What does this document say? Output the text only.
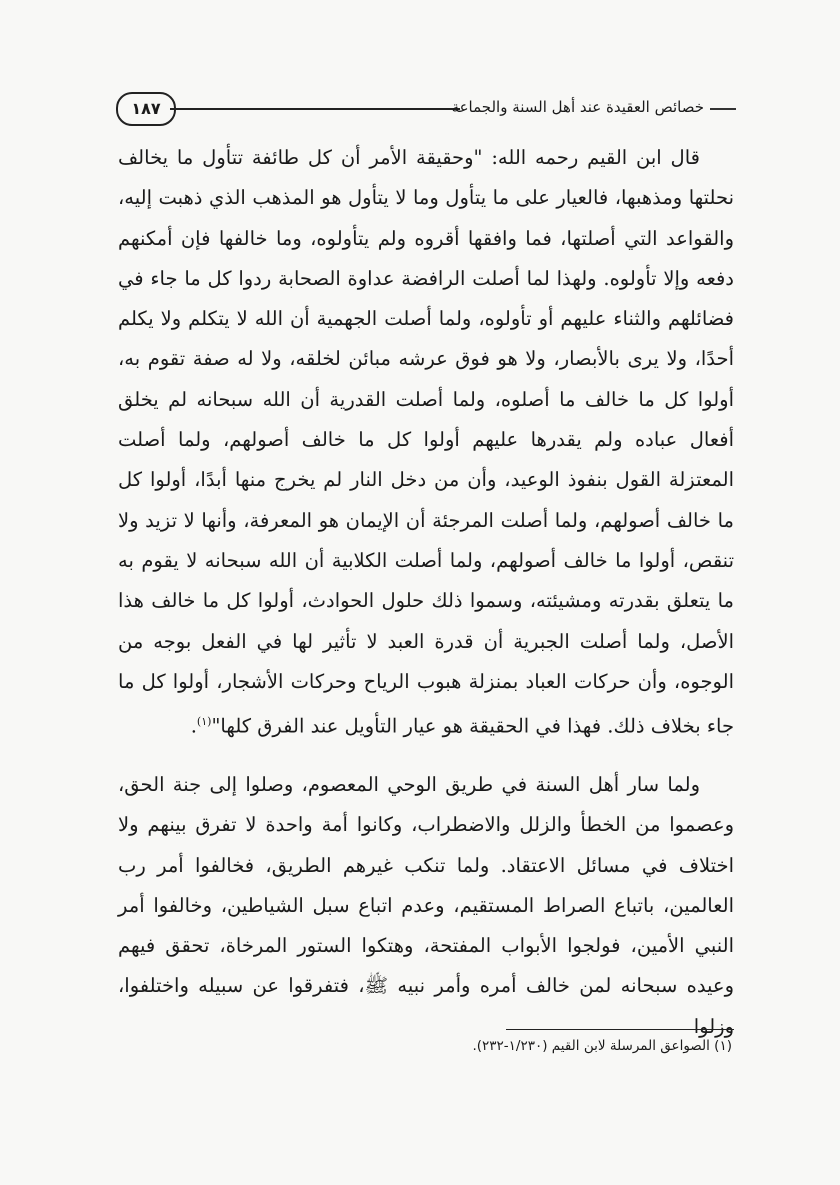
١٨٧	خصائص العقيدة عند أهل السنة والجماعة

قال ابن القيم رحمه الله: "وحقيقة الأمر أن كل طائفة تتأول ما يخالف نحلتها ومذهبها، فالعيار على ما يتأول وما لا يتأول هو المذهب الذي ذهبت إليه، والقواعد التي أصلتها، فما وافقها أقروه ولم يتأولوه، وما خالفها فإن أمكنهم دفعه وإلا تأولوه. ولهذا لما أصلت الرافضة عداوة الصحابة ردوا كل ما جاء في فضائلهم والثناء عليهم أو تأولوه، ولما أصلت الجهمية أن الله لا يتكلم ولا يكلم أحدًا، ولا يرى بالأبصار، ولا هو فوق عرشه مبائن لخلقه، ولا له صفة تقوم به، أولوا كل ما خالف ما أصلوه، ولما أصلت القدرية أن الله سبحانه لم يخلق أفعال عباده ولم يقدرها عليهم أولوا كل ما خالف أصولهم، ولما أصلت المعتزلة القول بنفوذ الوعيد، وأن من دخل النار لم يخرج منها أبدًا، أولوا كل ما خالف أصولهم، ولما أصلت المرجئة أن الإيمان هو المعرفة، وأنها لا تزيد ولا تنقص، أولوا ما خالف أصولهم، ولما أصلت الكلابية أن الله سبحانه لا يقوم به ما يتعلق بقدرته ومشيئته، وسموا ذلك حلول الحوادث، أولوا كل ما خالف هذا الأصل، ولما أصلت الجبرية أن قدرة العبد لا تأثير لها في الفعل بوجه من الوجوه، وأن حركات العباد بمنزلة هبوب الرياح وحركات الأشجار، أولوا كل ما جاء بخلاف ذلك. فهذا في الحقيقة هو عيار التأويل عند الفرق كلها"$^{(١)}$.

ولما سار أهل السنة في طريق الوحي المعصوم، وصلوا إلى جنة الحق، وعصموا من الخطأ والزلل والاضطراب، وكانوا أمة واحدة لا تفرق بينهم ولا اختلاف في مسائل الاعتقاد. ولما تنكب غيرهم الطريق، فخالفوا أمر رب العالمين، باتباع الصراط المستقيم، وعدم اتباع سبل الشياطين، وخالفوا أمر النبي الأمين، فولجوا الأبواب المفتحة، وهتكوا الستور المرخاة، تحقق فيهم وعيده سبحانه لمن خالف أمره وأمر نبيه ﷺ، فتفرقوا عن سبيله واختلفوا، وزلوا

(١) الصواعق المرسلة لابن القيم (١/٢٣٠-٢٣٢).
